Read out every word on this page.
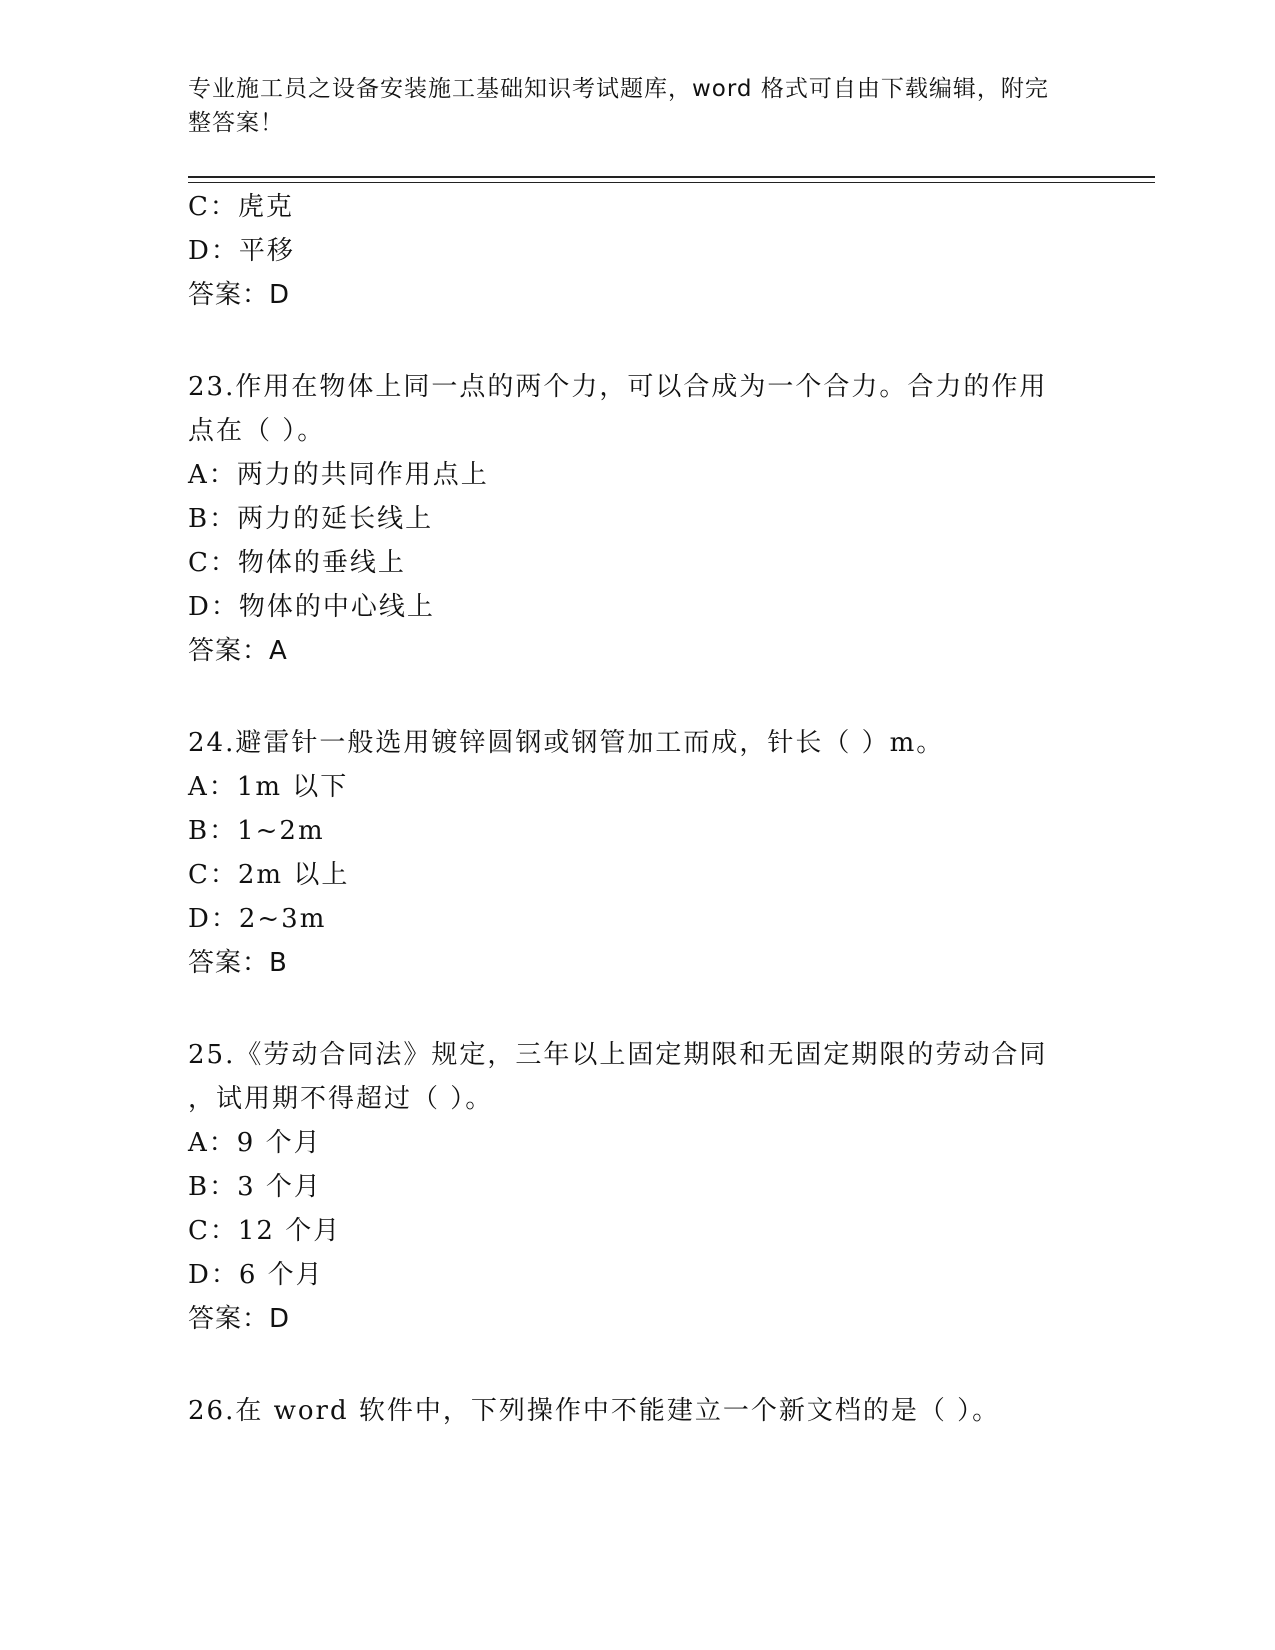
专业施工员之设备安装施工基础知识考试题库，word 格式可自由下载编辑，附完
整答案！
C：虎克
D：平移
答案：D
23.作用在物体上同一点的两个力，可以合成为一个合力。合力的作用
点在（ ）。
A：两力的共同作用点上
B：两力的延长线上
C：物体的垂线上
D：物体的中心线上
答案：A
24.避雷针一般选用镀锌圆钢或钢管加工而成，针长（ ）m。
A：1m 以下
B：1~2m
C：2m 以上
D：2~3m
答案：B
25.《劳动合同法》规定，三年以上固定期限和无固定期限的劳动合同
，试用期不得超过（ ）。
A：9 个月
B：3 个月
C：12 个月
D：6 个月
答案：D
26.在 word 软件中，下列操作中不能建立一个新文档的是（ ）。
